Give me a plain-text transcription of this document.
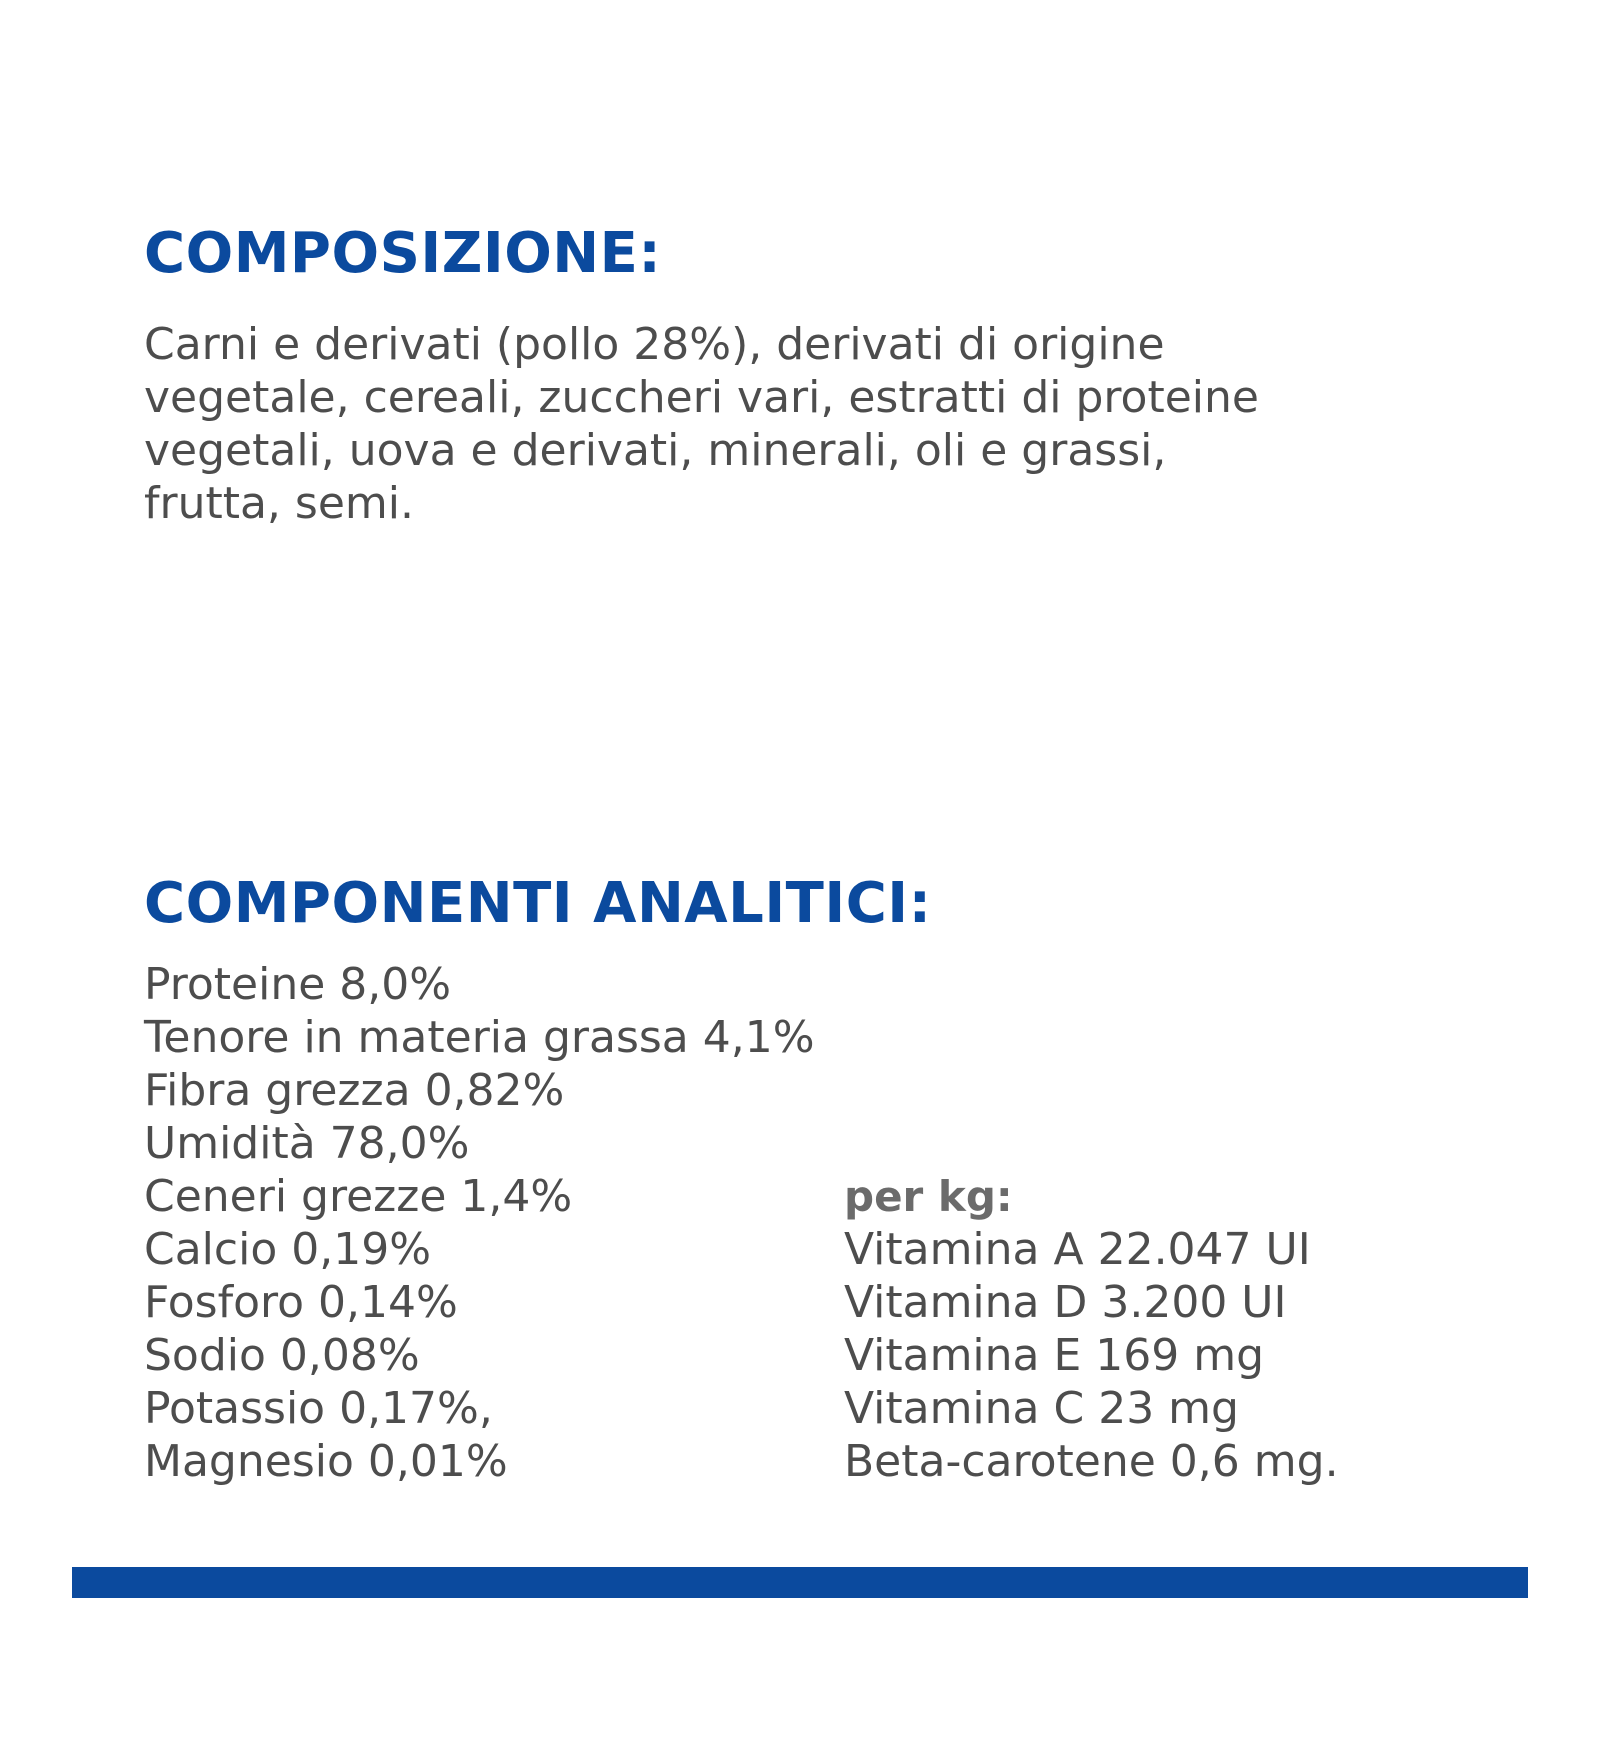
COMPOSIZIONE:

Carni e derivati (pollo 28%), derivati di origine
vegetale, cereali, zuccheri vari, estratti di proteine
vegetali, uova e derivati, minerali, oli e grassi,
frutta, semi.

COMPONENTI ANALITICI:
Proteine 8,0%
Tenore in materia grassa 4,1%
Fibra grezza 0,82%
Umidità 78,0%
Ceneri grezze 1,4%
Calcio 0,19%
Fosforo 0,14%
Sodio 0,08%
Potassio 0,17%,
Magnesio 0,01%
per kg:
Vitamina A 22.047 UI
Vitamina D 3.200 UI
Vitamina E 169 mg
Vitamina C 23 mg
Beta-carotene 0,6 mg.
